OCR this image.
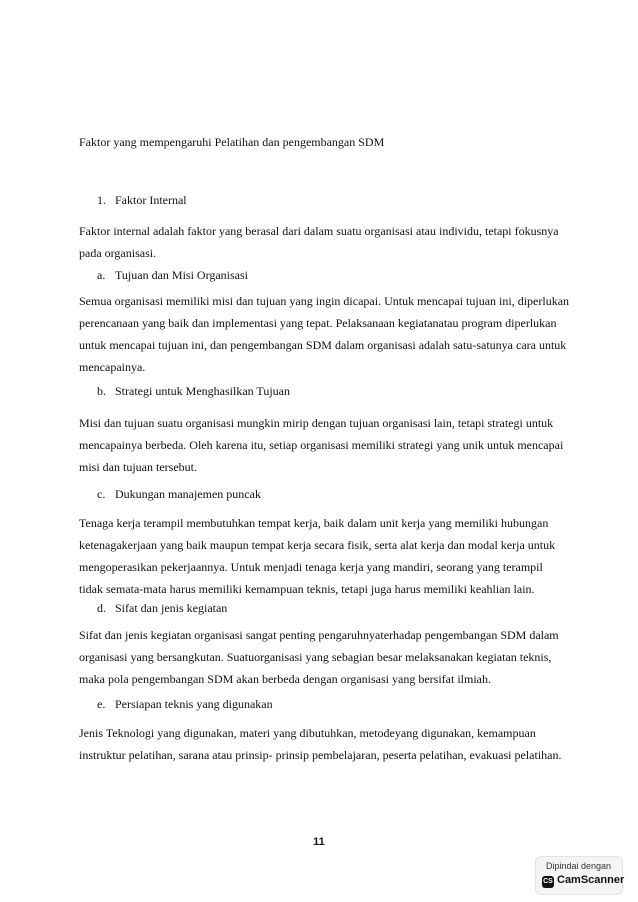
Faktor yang mempengaruhi Pelatihan dan pengembangan SDM
1. Faktor Internal

Faktor internal adalah faktor yang berasal dari dalam suatu organisasi atau individu, tetapi fokusnya pada organisasi.

a. Tujuan dan Misi Organisasi

Semua organisasi memiliki misi dan tujuan yang ingin dicapai. Untuk mencapai tujuan ini, diperlukan perencanaan yang baik dan implementasi yang tepat. Pelaksanaan kegiatanatau program diperlukan untuk mencapai tujuan ini, dan pengembangan SDM dalam organisasi adalah satu-satunya cara untuk mencapainya.

b. Strategi untuk Menghasilkan Tujuan

Misi dan tujuan suatu organisasi mungkin mirip dengan tujuan organisasi lain, tetapi strategi untuk mencapainya berbeda. Oleh karena itu, setiap organisasi memiliki strategi yang unik untuk mencapai misi dan tujuan tersebut.

c. Dukungan manajemen puncak

Tenaga kerja terampil membutuhkan tempat kerja, baik dalam unit kerja yang memiliki hubungan ketenagakerjaan yang baik maupun tempat kerja secara fisik, serta alat kerja dan modal kerja untuk mengoperasikan pekerjaannya. Untuk menjadi tenaga kerja yang mandiri, seorang yang terampil tidak semata-mata harus memiliki kemampuan teknis, tetapi juga harus memiliki keahlian lain.

d. Sifat dan jenis kegiatan

Sifat dan jenis kegiatan organisasi sangat penting pengaruhnyaterhadap pengembangan SDM dalam organisasi yang bersangkutan. Suatuorganisasi yang sebagian besar melaksanakan kegiatan teknis, maka pola pengembangan SDM akan berbeda dengan organisasi yang bersifat ilmiah.

e. Persiapan teknis yang digunakan

Jenis Teknologi yang digunakan, materi yang dibutuhkan, metodeyang digunakan, kemampuan instruktur pelatihan, sarana atau prinsip- prinsip pembelajaran, peserta pelatihan, evakuasi pelatihan.

11
Dipindai dengan
CS CamScanner
